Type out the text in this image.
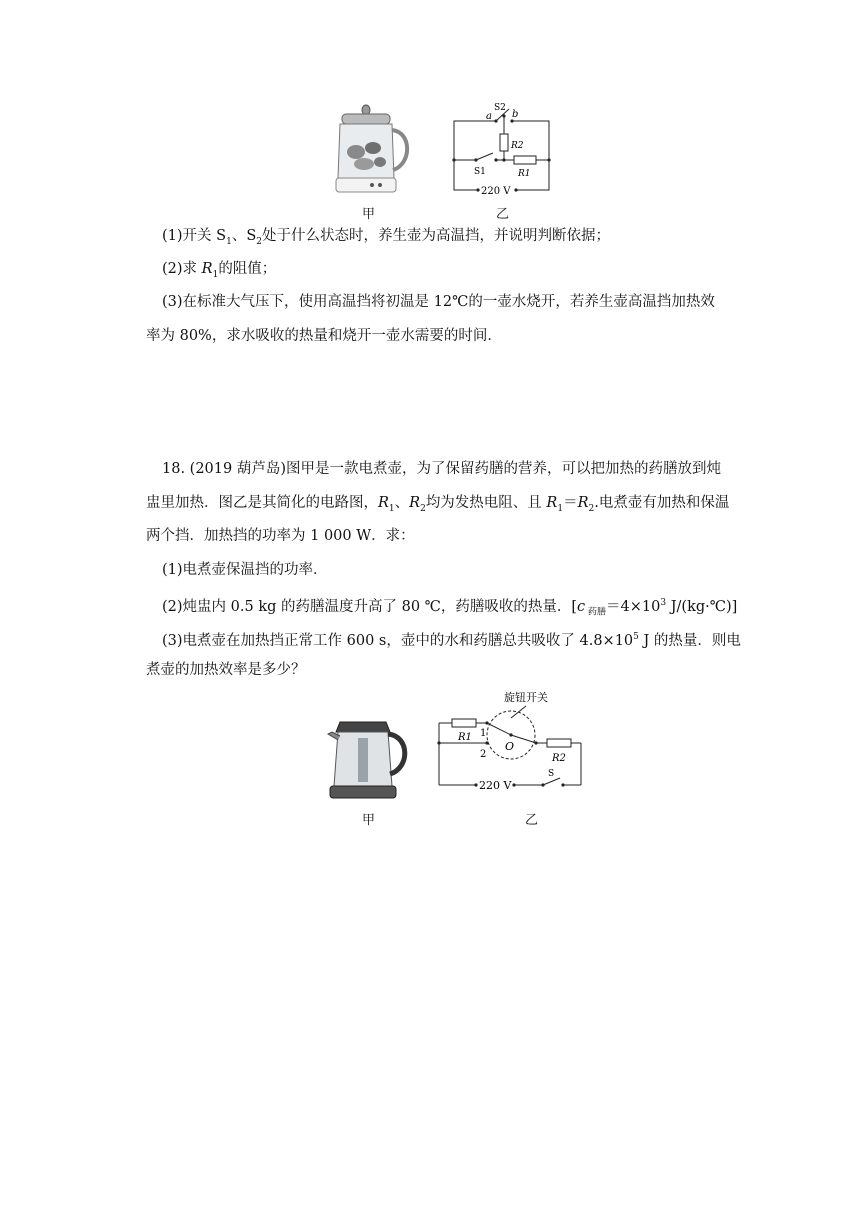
甲
a b
S2
R2
S1	R1
220 V
乙
(1)开关 $S_1$、$S_2$处于什么状态时，养生壶为高温挡，并说明判断依据；
(2)求 $R_1$的阻值；
(3)在标准大气压下，使用高温挡将初温是 12℃的一壶水烧开，若养生壶高温挡加热效
率为 80%，求水吸收的热量和烧开一壶水需要的时间．
18. (2019 葫芦岛)图甲是一款电煮壶，为了保留药膳的营养，可以把加热的药膳放到炖
盅里加热．图乙是其简化的电路图，$R_1$、$R_2$均为发热电阻、且 $R_1=R_2$.电煮壶有加热和保温
两个挡．加热挡的功率为 1 000 W．求：
(1)电煮壶保温挡的功率．
(2)炖盅内 0.5 kg 的药膳温度升高了 80 ℃，药膳吸收的热量．[c $_{药膳}=4\times 10^3$ J/(kg·℃)]
(3)电煮壶在加热挡正常工作 600 s，壶中的水和药膳总共吸收了 $4.8\times 10^5$ J 的热量．则电
煮壶的加热效率是多少？
甲
旋钮开关
R1 1
2
O
R2
220 V
S
乙
